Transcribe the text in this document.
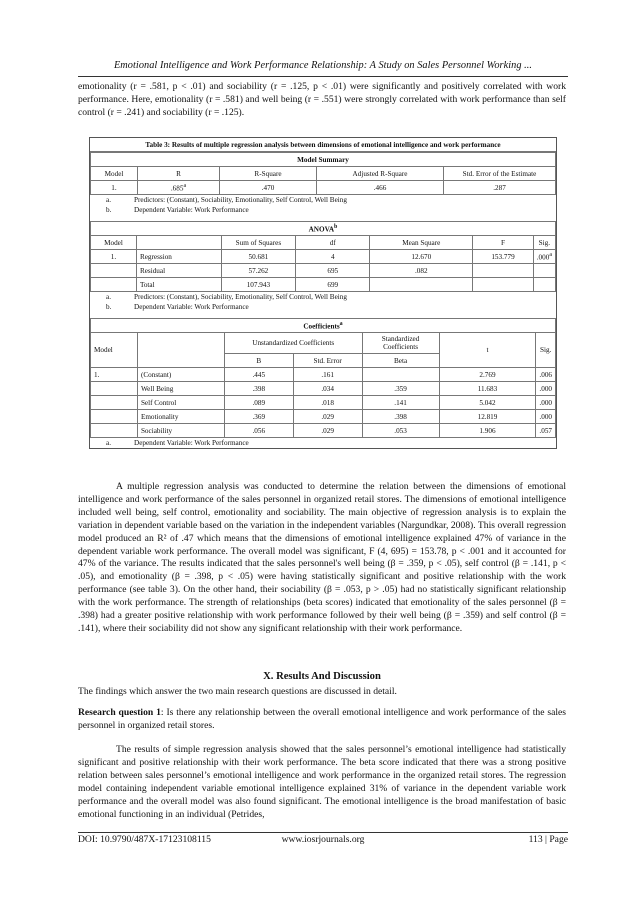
Emotional Intelligence and Work Performance Relationship: A Study on Sales Personnel Working ...
emotionality (r = .581, p < .01) and sociability (r = .125, p < .01) were significantly and positively correlated with work performance. Here, emotionality (r = .581) and well being (r = .551) were strongly correlated with work performance than self control (r = .241) and sociability (r = .125).
Table 3: Results of multiple regression analysis between dimensions of emotional intelligence and work performance
Model Summary				
Model	R	R-Square	Adjusted R-Square	Std. Error of the Estimate
1.	.685$^a$	.470	.466	.287
a.	Predictors: (Constant), Sociability, Emotionality, Self Control, Well Being
b.	Dependent Variable: Work Performance

ANOVA$^b$
Model		Sum of Squares	df	Mean Square	F	Sig.
1.	Regression	50.681	4	12.670	153.779	.000$^a$
	Residual	57.262	695	.082		
	Total	107.943	699			
a.	Predictors: (Constant), Sociability, Emotionality, Self Control, Well Being
b.	Dependent Variable: Work Performance

Coefficients$^a$
Model		Unstandardized Coefficients		Standardized Coefficients	t	Sig.
		B	Std. Error	Beta		
1.	(Constant)	.445	.161		2.769	.006
	Well Being	.398	.034	.359	11.683	.000
	Self Control	.089	.018	.141	5.042	.000
	Emotionality	.369	.029	.398	12.819	.000
	Sociability	.056	.029	.053	1.906	.057
a.	Dependent Variable: Work Performance
A multiple regression analysis was conducted to determine the relation between the dimensions of emotional intelligence and work performance of the sales personnel in organized retail stores. The dimensions of emotional intelligence included well being, self control, emotionality and sociability. The main objective of regression analysis is to explain the variation in dependent variable based on the variation in the independent variables (Nargundkar, 2008). This overall regression model produced an R² of .47 which means that the dimensions of emotional intelligence explained 47% of variance in the dependent variable work performance. The overall model was significant, F (4, 695) = 153.78, p < .001 and it accounted for 47% of the variance. The results indicated that the sales personnel's well being (β = .359, p < .05), self control (β = .141, p < .05), and emotionality (β = .398, p < .05) were having statistically significant and positive relationship with the work performance (see table 3). On the other hand, their sociability (β = .053, p > .05) had no statistically significant relationship with the work performance. The strength of relationships (beta scores) indicated that emotionality of the sales personnel (β = .398) had a greater positive relationship with work performance followed by their well being (β = .359) and self control (β = .141), where their sociability did not show any significant relationship with their work performance.
X. Results And Discussion
The findings which answer the two main research questions are discussed in detail.
Research question 1: Is there any relationship between the overall emotional intelligence and work performance of the sales personnel in organized retail stores.
The results of simple regression analysis showed that the sales personnel’s emotional intelligence had statistically significant and positive relationship with their work performance. The beta score indicated that there was a strong positive relation between sales personnel’s emotional intelligence and work performance in the organized retail stores. The regression model containing independent variable emotional intelligence explained 31% of variance in the dependent variable work performance and the overall model was also found significant. The emotional intelligence is the broad manifestation of basic emotional functioning in an individual (Petrides,
DOI: 10.9790/487X-17123108115	www.iosrjournals.org	113 | Page
